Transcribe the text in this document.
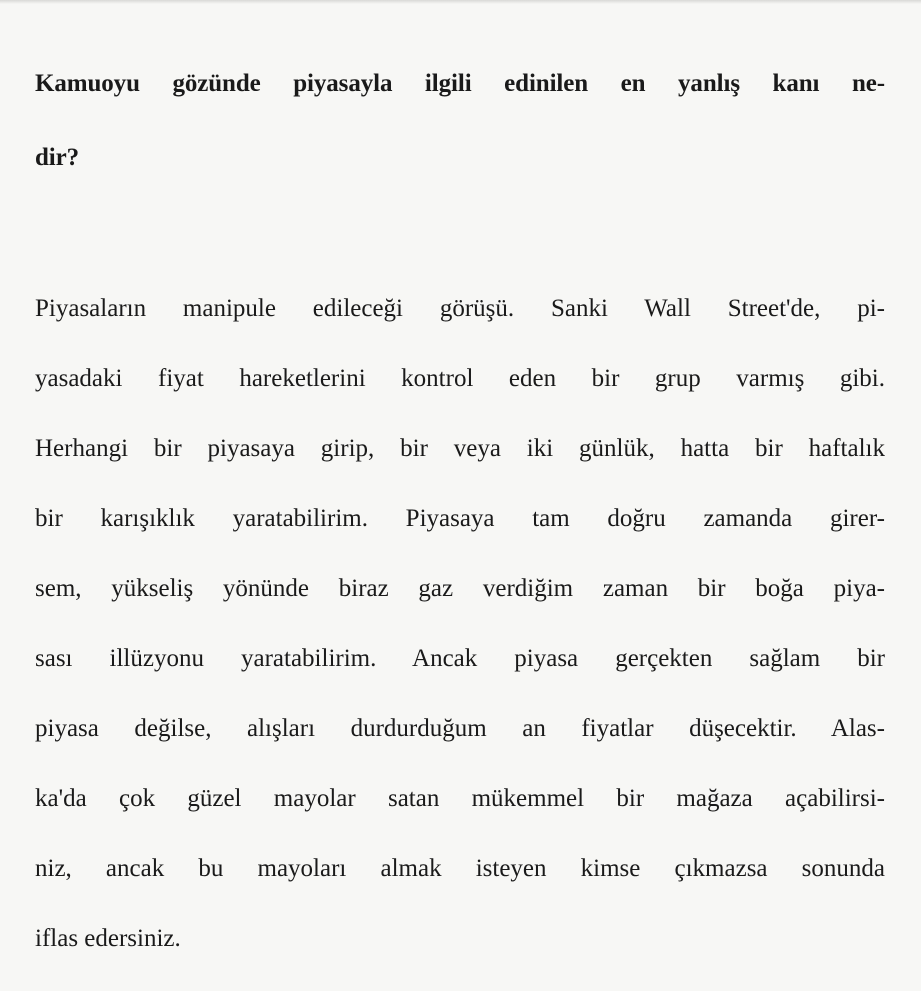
Kamuoyu gözünde piyasayla ilgili edinilen en yanlış kanı ne-

dir?

Piyasaların manipule edileceği görüşü. Sanki Wall Street'de, pi-

yasadaki fiyat hareketlerini kontrol eden bir grup varmış gibi.

Herhangi bir piyasaya girip, bir veya iki günlük, hatta bir haftalık

bir karışıklık yaratabilirim. Piyasaya tam doğru zamanda girer-

sem, yükseliş yönünde biraz gaz verdiğim zaman bir boğa piya-

sası illüzyonu yaratabilirim. Ancak piyasa gerçekten sağlam bir

piyasa değilse, alışları durdurduğum an fiyatlar düşecektir. Alas-

ka'da çok güzel mayolar satan mükemmel bir mağaza açabilirsi-

niz, ancak bu mayoları almak isteyen kimse çıkmazsa sonunda

iflas edersiniz.
